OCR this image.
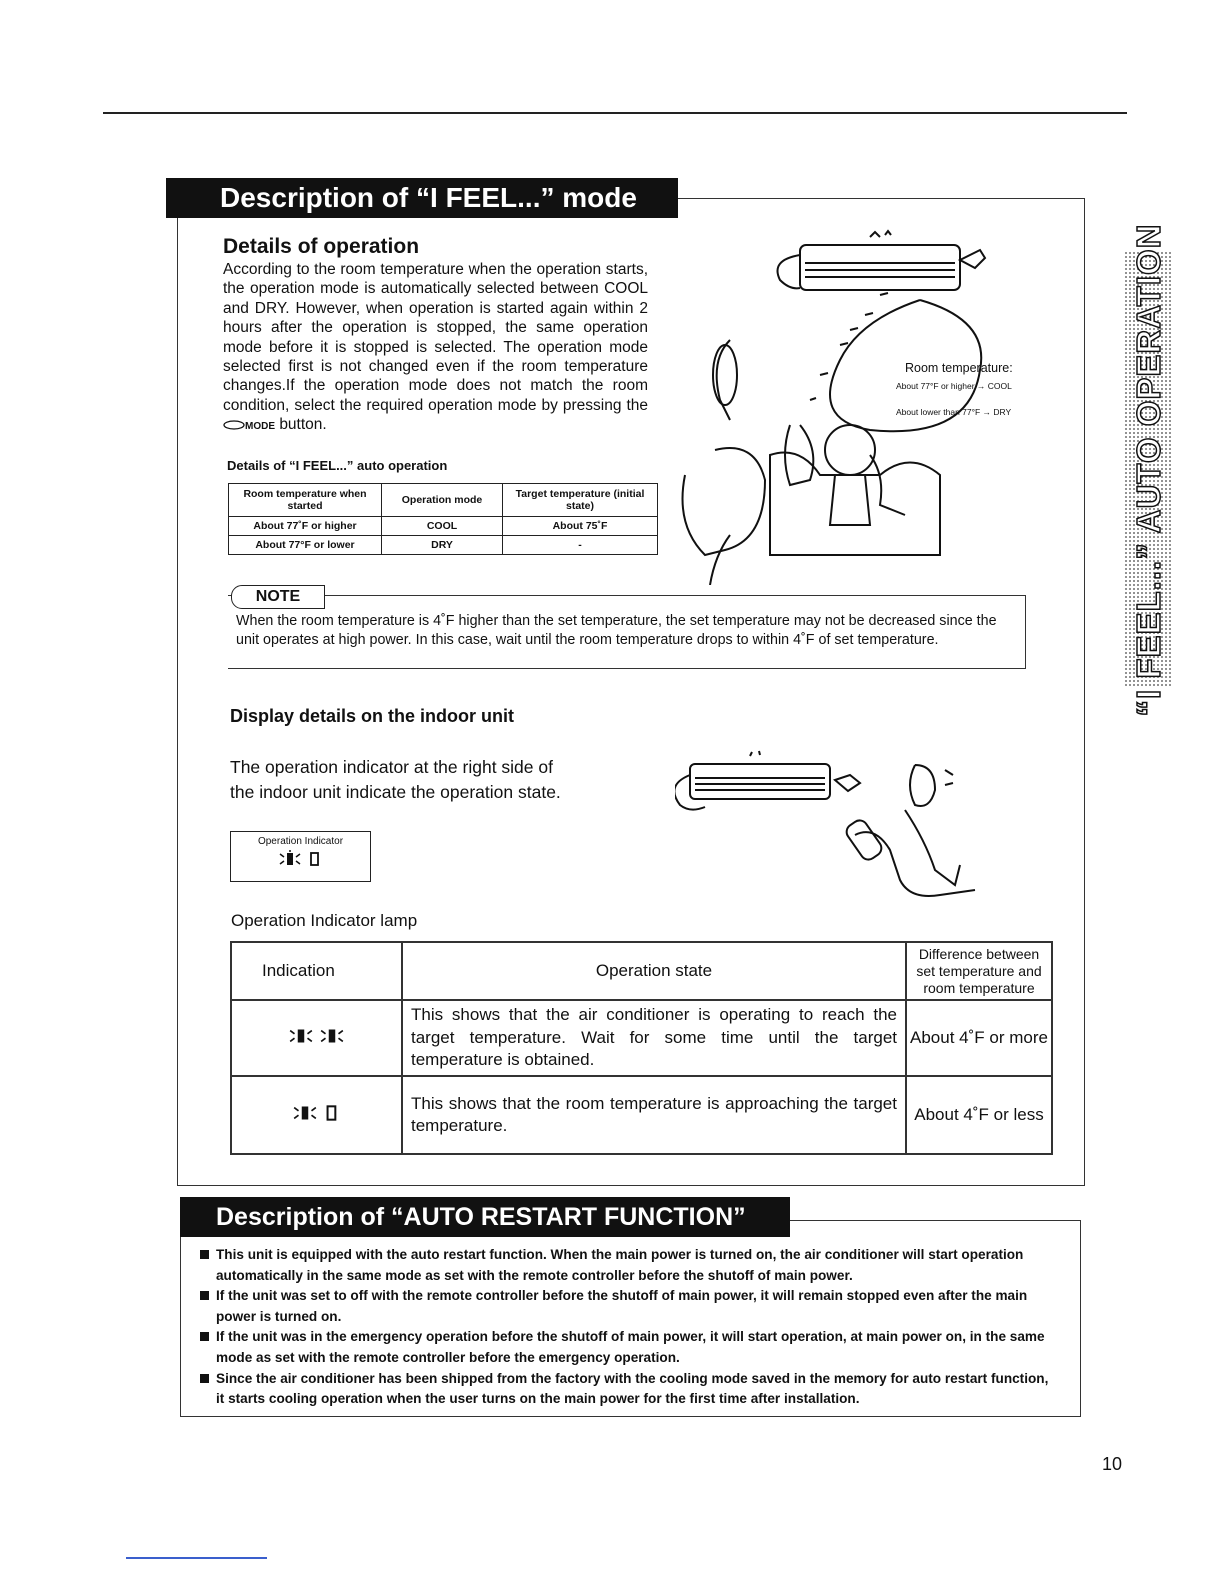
Description of “I FEEL...” mode
Details of operation
According to the room temperature when the operation starts, the operation mode is automatically selected between COOL and DRY. However, when operation is started again within 2 hours after the operation is stopped, the same operation mode before it is stopped is selected. The operation mode selected first is not changed even if the room temperature changes.If the operation mode does not match the room condition, select the required operation mode by pressing the MODE button.
Details of “I FEEL...” auto operation
Room temperature when started	Operation mode	Target temperature (initial state)
About 77˚F or higher	COOL	About 75˚F
About 77°F or lower	DRY	-
Room temperature:
About 77°F or higher → COOL
About lower than 77°F → DRY
NOTE
When the room temperature is 4˚F higher than the set temperature, the set temperature may not be decreased since the unit operates at high power. In this case, wait until the room temperature drops to within 4˚F of set temperature.
Display details on the indoor unit
The operation indicator at the right side of
the indoor unit indicate the operation state.
Operation Indicator

Operation Indicator lamp
Indication	Operation state	Difference between set temperature and room temperature
	This shows that the air conditioner is operating to reach the target temperature. Wait for some time until the target temperature is obtained.	About 4˚F or more
	This shows that the room temperature is approaching the target temperature.	About 4˚F or less
Description of “AUTO RESTART FUNCTION”
This unit is equipped with the auto restart function. When the main power is turned on, the air conditioner will start operation automatically in the same mode as set with the remote controller before the shutoff of main power.
If the unit was set to off with the remote controller before the shutoff of main power, it will remain stopped even after the main power is turned on.
If the unit was in the emergency operation before the shutoff of main power, it will start operation, at main power on, in the same mode as set with the remote controller before the emergency operation.
Since the air conditioner has been shipped from the factory with the cooling mode saved in the memory for auto restart function, it starts cooling operation when the user turns on the main power for the first time after installation.
“I FEEL...” AUTO OPERATION
10
